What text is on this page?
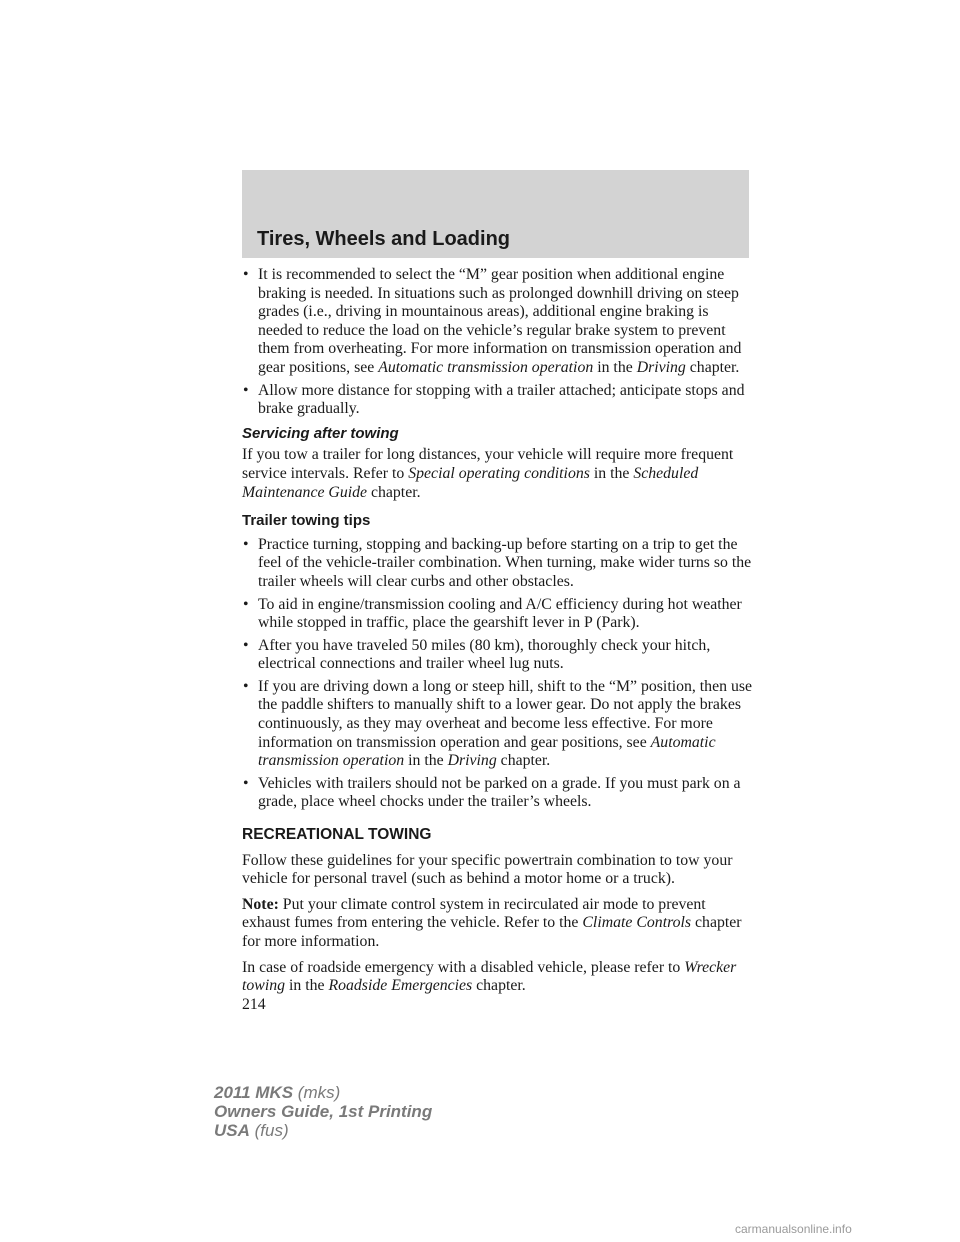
Tires, Wheels and Loading
• It is recommended to select the “M” gear position when additional engine braking is needed. In situations such as prolonged downhill driving on steep grades (i.e., driving in mountainous areas), additional engine braking is needed to reduce the load on the vehicle’s regular brake system to prevent them from overheating. For more information on transmission operation and gear positions, see Automatic transmission operation in the Driving chapter.
• Allow more distance for stopping with a trailer attached; anticipate stops and brake gradually.
Servicing after towing

If you tow a trailer for long distances, your vehicle will require more frequent service intervals. Refer to Special operating conditions in the Scheduled Maintenance Guide chapter.

Trailer towing tips
• Practice turning, stopping and backing-up before starting on a trip to get the feel of the vehicle-trailer combination. When turning, make wider turns so the trailer wheels will clear curbs and other obstacles.
• To aid in engine/transmission cooling and A/C efficiency during hot weather while stopped in traffic, place the gearshift lever in P (Park).
• After you have traveled 50 miles (80 km), thoroughly check your hitch, electrical connections and trailer wheel lug nuts.
• If you are driving down a long or steep hill, shift to the “M” position, then use the paddle shifters to manually shift to a lower gear. Do not apply the brakes continuously, as they may overheat and become less effective. For more information on transmission operation and gear positions, see Automatic transmission operation in the Driving chapter.
• Vehicles with trailers should not be parked on a grade. If you must park on a grade, place wheel chocks under the trailer’s wheels.
RECREATIONAL TOWING

Follow these guidelines for your specific powertrain combination to tow your vehicle for personal travel (such as behind a motor home or a truck).

Note: Put your climate control system in recirculated air mode to prevent exhaust fumes from entering the vehicle. Refer to the Climate Controls chapter for more information.

In case of roadside emergency with a disabled vehicle, please refer to Wrecker towing in the Roadside Emergencies chapter.

214
2011 MKS (mks)
Owners Guide, 1st Printing
USA (fus)
carmanualsonline.info
